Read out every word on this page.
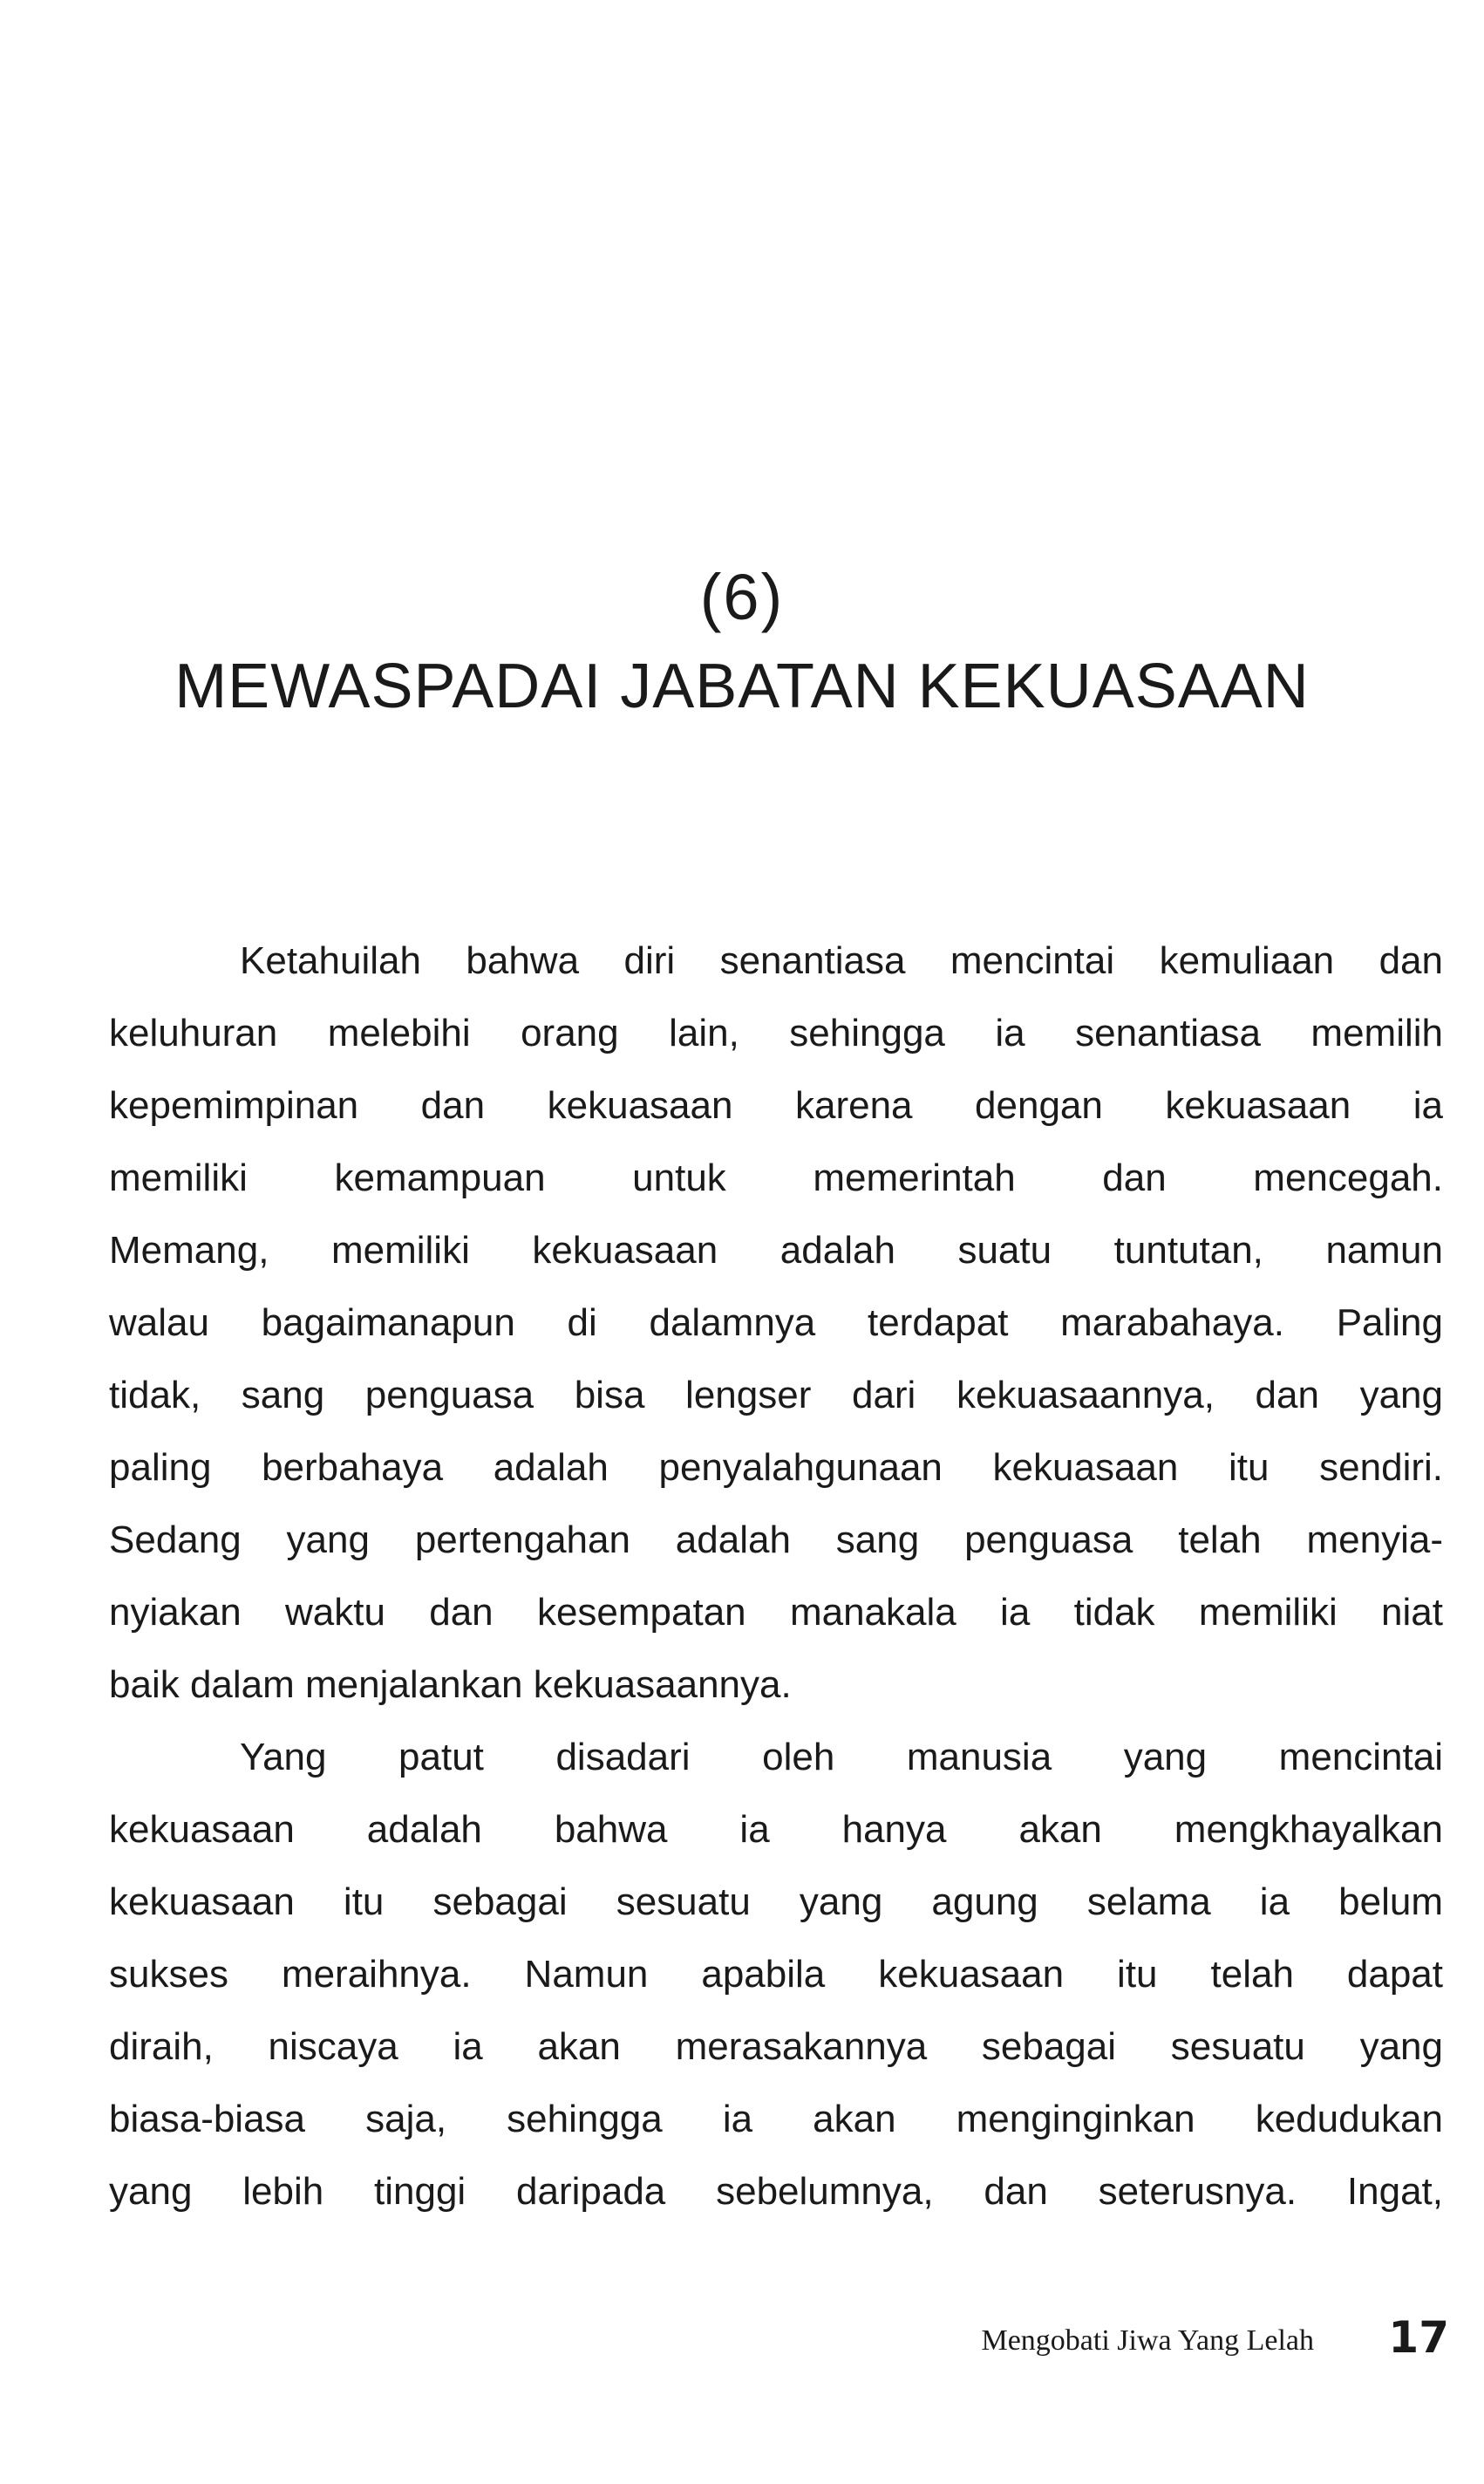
(6)
MEWASPADAI JABATAN KEKUASAAN
Ketahuilah bahwa diri senantiasa mencintai kemuliaan dan
keluhuran melebihi orang lain, sehingga ia senantiasa memilih
kepemimpinan dan kekuasaan karena dengan kekuasaan ia
memiliki kemampuan untuk memerintah dan mencegah.
Memang, memiliki kekuasaan adalah suatu tuntutan, namun
walau bagaimanapun di dalamnya terdapat marabahaya. Paling
tidak, sang penguasa bisa lengser dari kekuasaannya, dan yang
paling berbahaya adalah penyalahgunaan kekuasaan itu sendiri.
Sedang yang pertengahan adalah sang penguasa telah menyia-
nyiakan waktu dan kesempatan manakala ia tidak memiliki niat
baik dalam menjalankan kekuasaannya.
Yang patut disadari oleh manusia yang mencintai
kekuasaan adalah bahwa ia hanya akan mengkhayalkan
kekuasaan itu sebagai sesuatu yang agung selama ia belum
sukses meraihnya. Namun apabila kekuasaan itu telah dapat
diraih, niscaya ia akan merasakannya sebagai sesuatu yang
biasa-biasa saja, sehingga ia akan menginginkan kedudukan
yang lebih tinggi daripada sebelumnya, dan seterusnya. Ingat,
Mengobati Jiwa Yang Lelah 17
